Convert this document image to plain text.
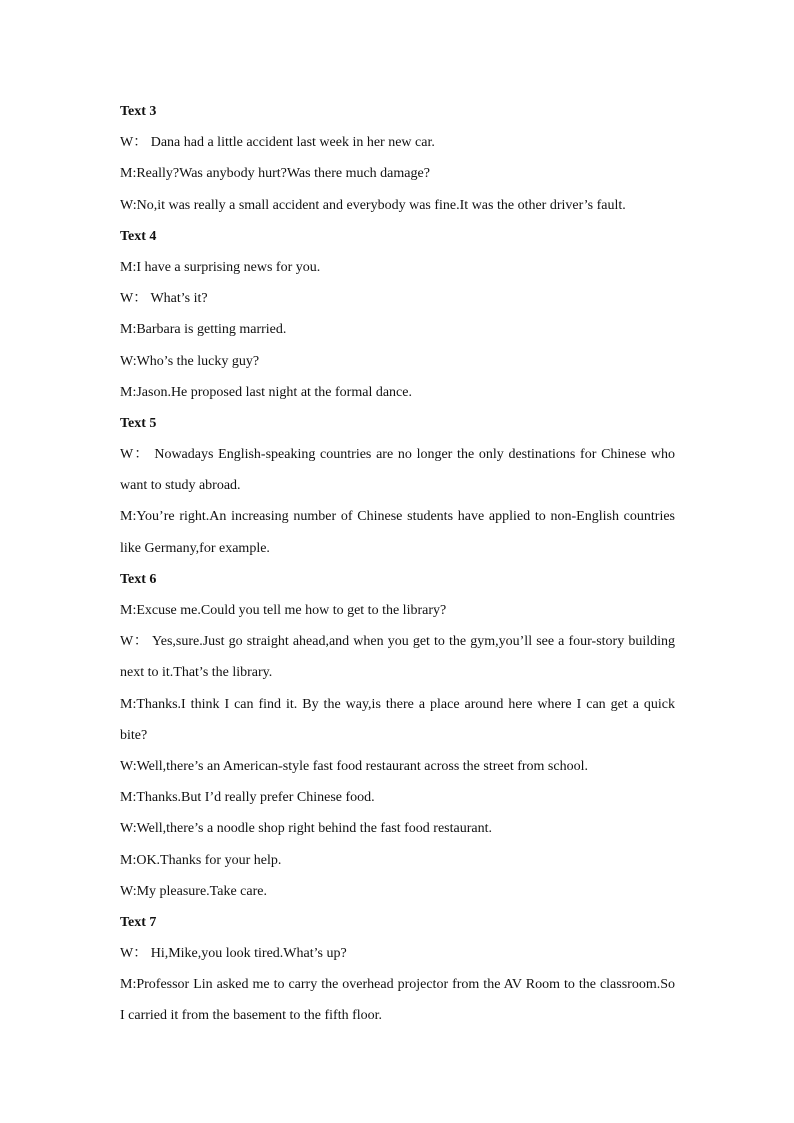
Text 3
W： Dana had a little accident last week in her new car.
M:Really?Was anybody hurt?Was there much damage?
W:No,it was really a small accident and everybody was fine.It was the other driver’s fault.
Text 4
M:I have a surprising news for you.
W： What’s it?
M:Barbara is getting married.
W:Who’s the lucky guy?
M:Jason.He proposed last night at the formal dance.
Text 5
W： Nowadays English-speaking countries are no longer the only destinations for Chinese who
want to study abroad.
M:You’re right.An increasing number of Chinese students have applied to non-English countries
like Germany,for example.
Text 6
M:Excuse me.Could you tell me how to get to the library?
W： Yes,sure.Just go straight ahead,and when you get to the gym,you’ll see a four-story building
next to it.That’s the library.
M:Thanks.I think I can find it. By the way,is there a place around here where I can get a quick
bite?
W:Well,there’s an American-style fast food restaurant across the street from school.
M:Thanks.But I’d really prefer Chinese food.
W:Well,there’s a noodle shop right behind the fast food restaurant.
M:OK.Thanks for your help.
W:My pleasure.Take care.
Text 7
W： Hi,Mike,you look tired.What’s up?
M:Professor Lin asked me to carry the overhead projector from the AV Room to the classroom.So
I carried it from the basement to the fifth floor.
